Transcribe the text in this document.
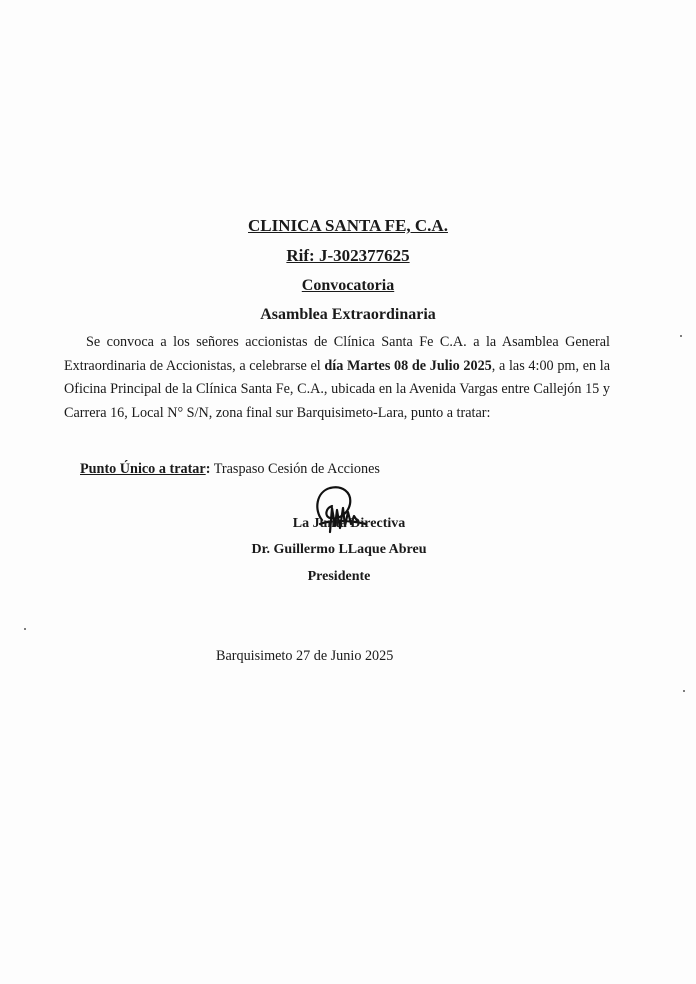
CLINICA SANTA FE, C.A.

Rif: J-302377625

Convocatoria

Asamblea Extraordinaria

Se convoca a los señores accionistas de Clínica Santa Fe C.A. a la Asamblea General Extraordinaria de Accionistas, a celebrarse el día Martes 08 de Julio 2025, a las 4:00 pm, en la Oficina Principal de la Clínica Santa Fe, C.A., ubicada en la Avenida Vargas entre Callejón 15 y Carrera 16, Local N° S/N, zona final sur Barquisimeto-Lara, punto a tratar:

Punto Único a tratar: Traspaso Cesión de Acciones

La Junta Directiva

Dr. Guillermo LLaque Abreu

Presidente

Barquisimeto 27 de Junio 2025
